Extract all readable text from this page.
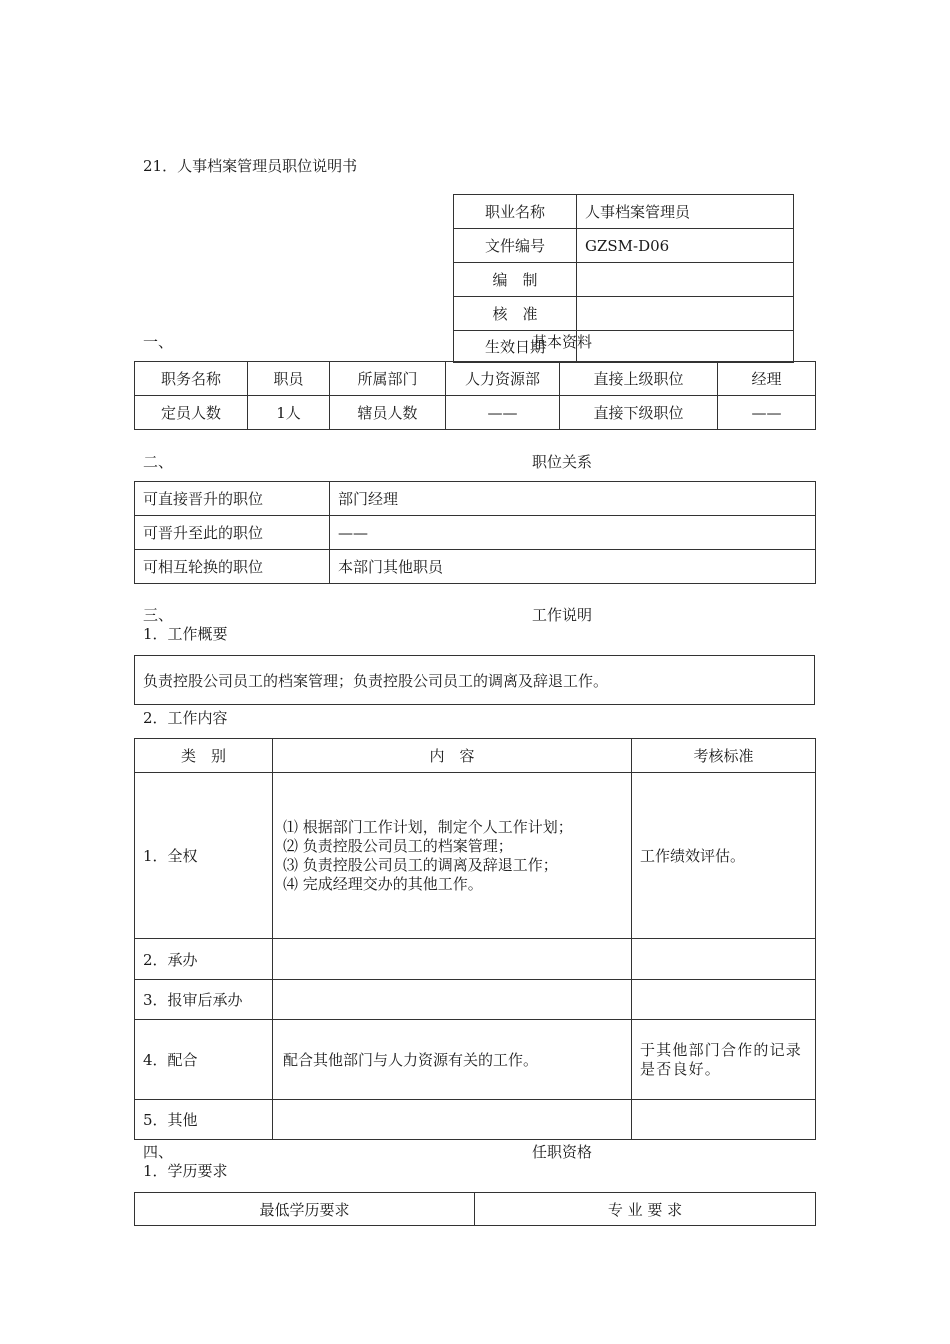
21．人事档案管理员职位说明书
职业名称	人事档案管理员
文件编号	GZSM-D06
编　制	
核　准	
生效日期	
一、	基本资料
职务名称	职员	所属部门	人力资源部	直接上级职位	经理
定员人数	1人	辖员人数	——	直接下级职位	——
二、	职位关系
可直接晋升的职位	部门经理
可晋升至此的职位	——
可相互轮换的职位	本部门其他职员
三、	工作说明
1．工作概要
负责控股公司员工的档案管理；负责控股公司员工的调离及辞退工作。
2．工作内容
类　别	内　容	考核标准
1．全权	⑴ 根据部门工作计划，制定个人工作计划；
⑵ 负责控股公司员工的档案管理；
⑶ 负责控股公司员工的调离及辞退工作；
⑷ 完成经理交办的其他工作。	工作绩效评估。
2．承办		
3．报审后承办		
4．配合	配合其他部门与人力资源有关的工作。	于其他部门合作的记录是否良好。
5．其他		
四、	任职资格
1．学历要求
最低学历要求	专 业 要 求
